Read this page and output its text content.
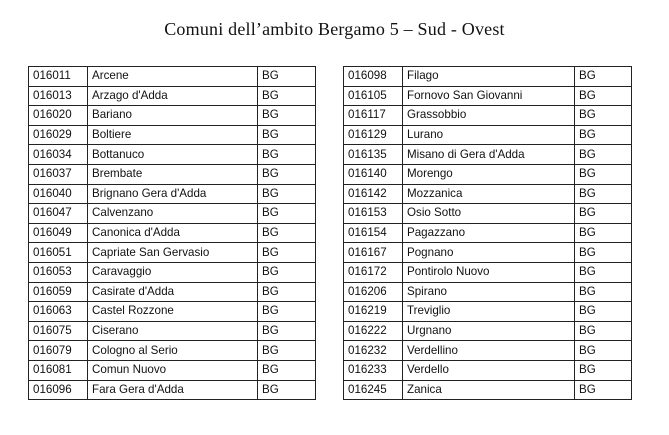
Comuni dell’ambito Bergamo 5 – Sud - Ovest
016011	Arcene	BG
016013	Arzago d'Adda	BG
016020	Bariano	BG
016029	Boltiere	BG
016034	Bottanuco	BG
016037	Brembate	BG
016040	Brignano Gera d'Adda	BG
016047	Calvenzano	BG
016049	Canonica d'Adda	BG
016051	Capriate San Gervasio	BG
016053	Caravaggio	BG
016059	Casirate d'Adda	BG
016063	Castel Rozzone	BG
016075	Ciserano	BG
016079	Cologno al Serio	BG
016081	Comun Nuovo	BG
016096	Fara Gera d'Adda	BG
016098	Filago	BG
016105	Fornovo San Giovanni	BG
016117	Grassobbio	BG
016129	Lurano	BG
016135	Misano di Gera d'Adda	BG
016140	Morengo	BG
016142	Mozzanica	BG
016153	Osio Sotto	BG
016154	Pagazzano	BG
016167	Pognano	BG
016172	Pontirolo Nuovo	BG
016206	Spirano	BG
016219	Treviglio	BG
016222	Urgnano	BG
016232	Verdellino	BG
016233	Verdello	BG
016245	Zanica	BG
